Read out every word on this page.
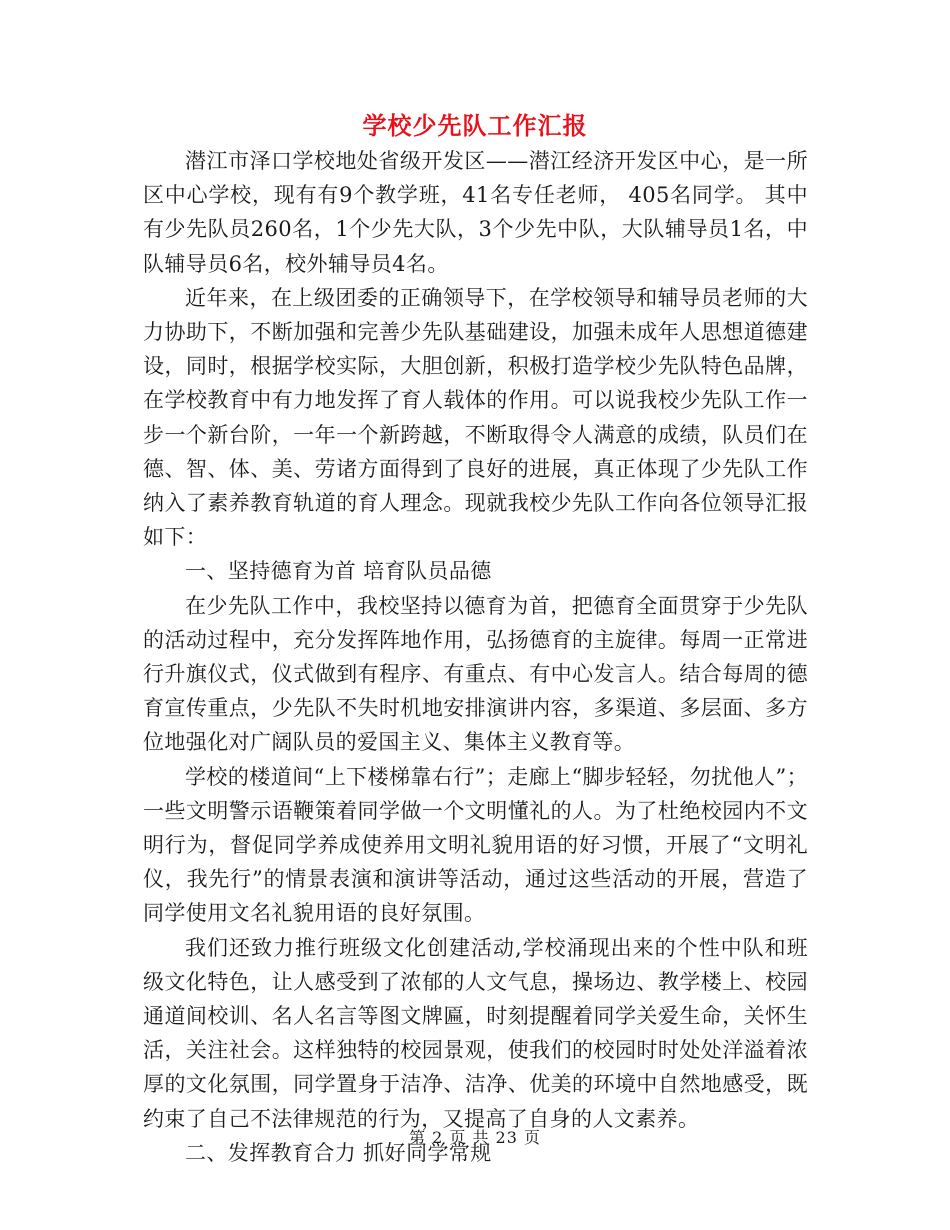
学校少先队工作汇报

潜江市泽口学校地处省级开发区——潜江经济开发区中心，是一所区中心学校，现有有9个教学班，41名专任老师， 405名同学。 其中有少先队员260名，1个少先大队，3个少先中队，大队辅导员1名，中队辅导员6名，校外辅导员4名。

近年来，在上级团委的正确领导下，在学校领导和辅导员老师的大力协助下，不断加强和完善少先队基础建设，加强未成年人思想道德建设，同时，根据学校实际，大胆创新，积极打造学校少先队特色品牌，在学校教育中有力地发挥了育人载体的作用。可以说我校少先队工作一步一个新台阶，一年一个新跨越，不断取得令人满意的成绩，队员们在德、智、体、美、劳诸方面得到了良好的进展，真正体现了少先队工作纳入了素养教育轨道的育人理念。现就我校少先队工作向各位领导汇报如下：

一、坚持德育为首 培育队员品德

在少先队工作中，我校坚持以德育为首，把德育全面贯穿于少先队的活动过程中，充分发挥阵地作用，弘扬德育的主旋律。每周一正常进行升旗仪式，仪式做到有程序、有重点、有中心发言人。结合每周的德育宣传重点，少先队不失时机地安排演讲内容，多渠道、多层面、多方位地强化对广阔队员的爱国主义、集体主义教育等。

学校的楼道间“上下楼梯靠右行”；走廊上“脚步轻轻，勿扰他人”；一些文明警示语鞭策着同学做一个文明懂礼的人。为了杜绝校园内不文明行为，督促同学养成使养用文明礼貌用语的好习惯，开展了“文明礼仪，我先行”的情景表演和演讲等活动，通过这些活动的开展，营造了同学使用文名礼貌用语的良好氛围。

我们还致力推行班级文化创建活动,学校涌现出来的个性中队和班级文化特色，让人感受到了浓郁的人文气息，操场边、教学楼上、校园通道间校训、名人名言等图文牌匾，时刻提醒着同学关爱生命，关怀生活，关注社会。这样独特的校园景观，使我们的校园时时处处洋溢着浓厚的文化氛围，同学置身于洁净、洁净、优美的环境中自然地感受，既约束了自己不法律规范的行为，又提高了自身的人文素养。

二、发挥教育合力 抓好同学常规

第 2 页 共 23 页
